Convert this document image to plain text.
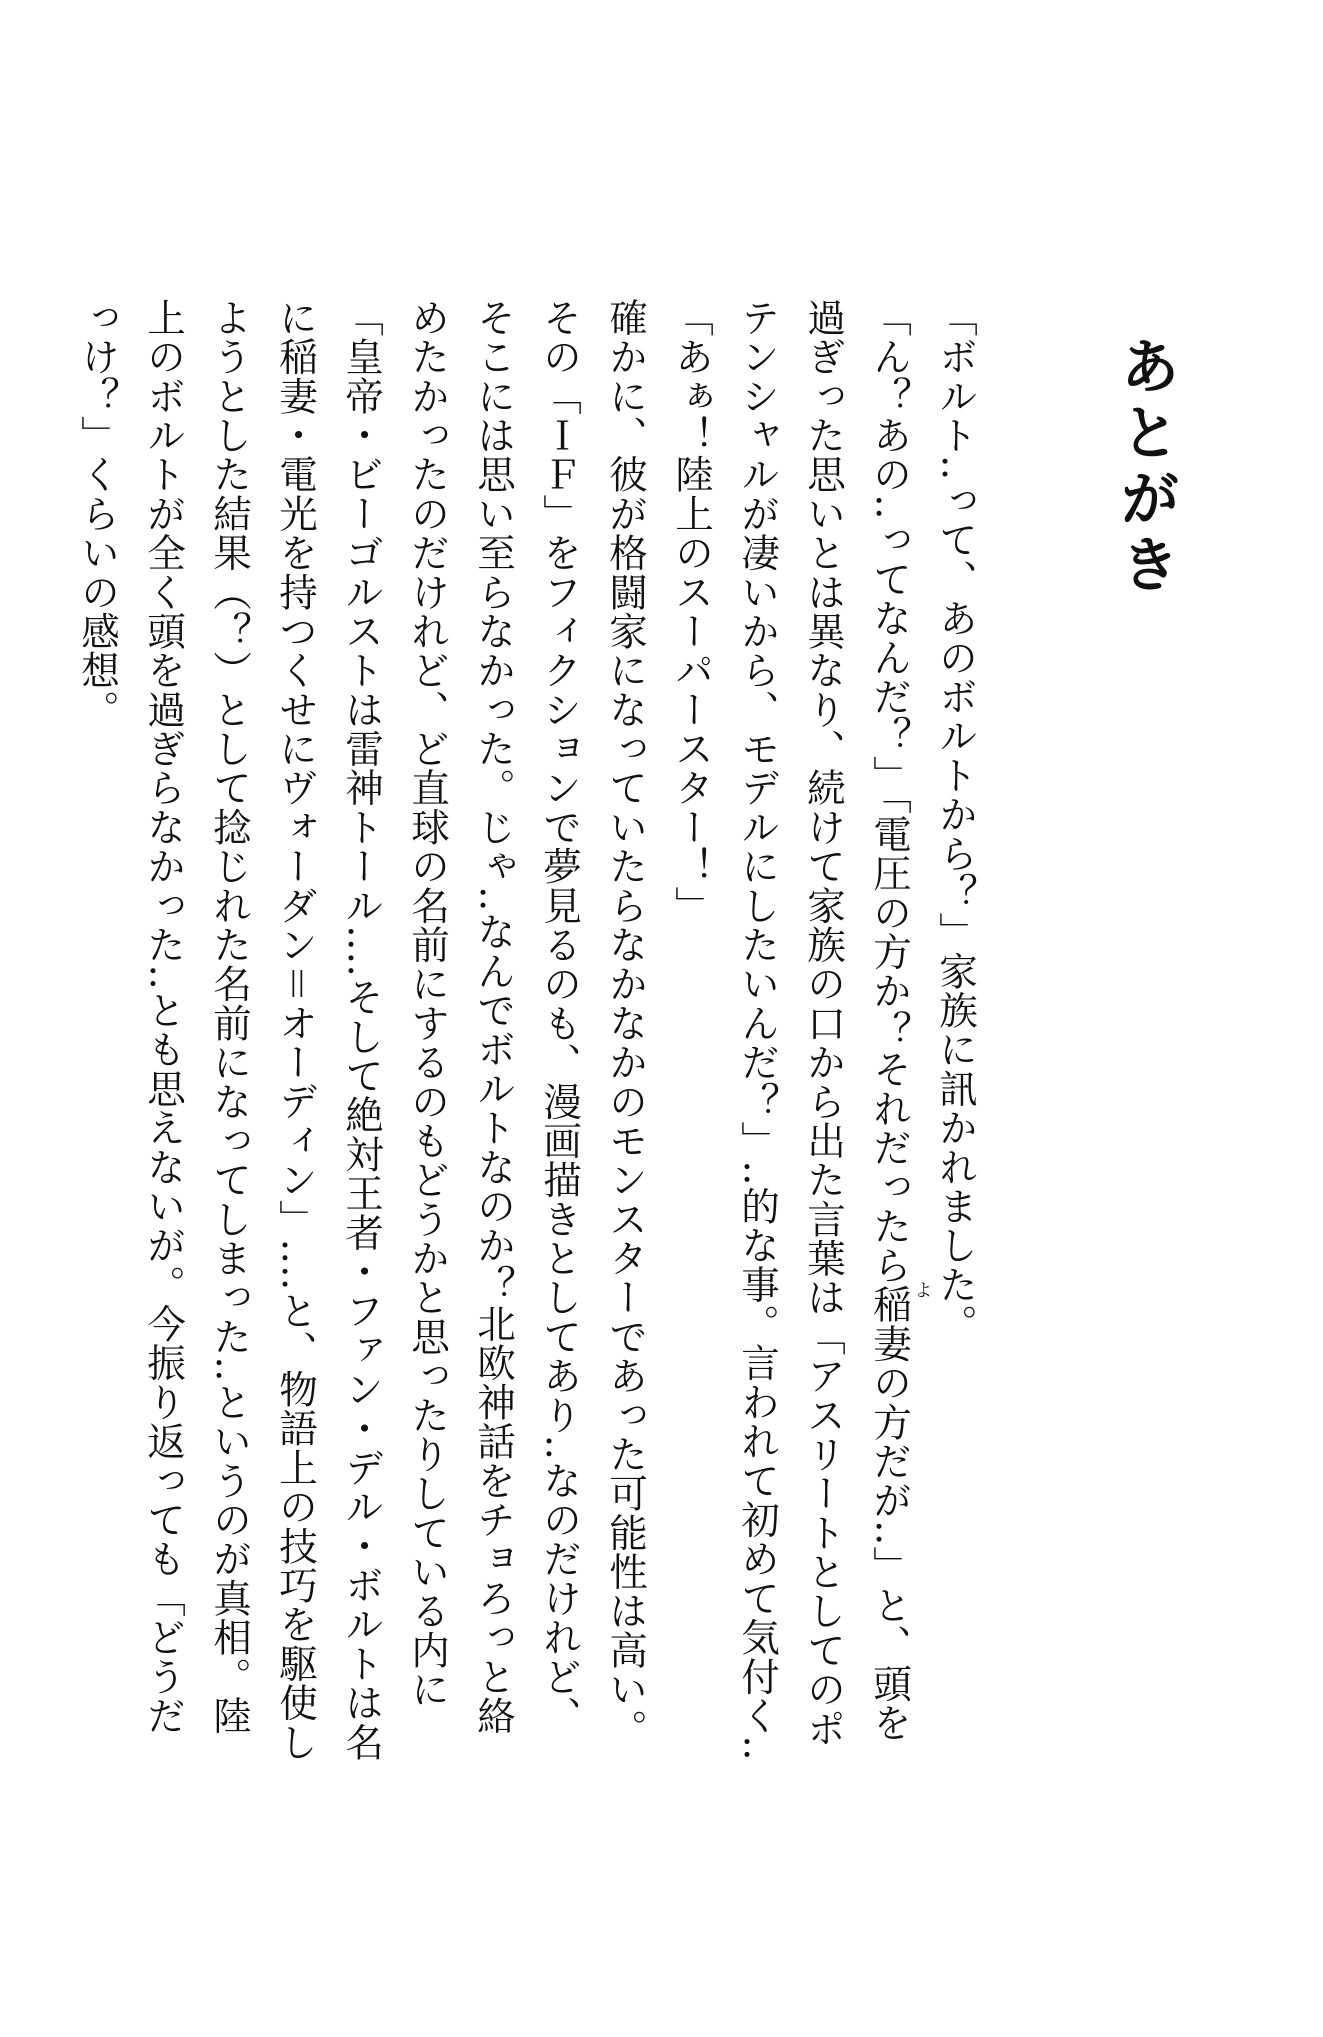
あとがき

「ボルト‥って、あのボルトから？」家族に訊かれました。

「ん？あの‥ってなんだ？」「電圧の方か？それだったら稲妻の方だが‥」と、頭を過ぎった思いとは異なり、続けて家族の口から出た言葉は「アスリートとしてのポテンシャルが凄いから、モデルにしたいんだ？」‥的な事。言われて初めて気付く‥「あぁ！陸上のスーパースター！」

確かに、彼が格闘家になっていたらなかなかのモンスターであった可能性は高い。その「ＩＦ」をフィクションで夢見るのも、漫画描きとしてあり‥なのだけれど、そこには思い至らなかった。じゃ‥なんでボルトなのか？北欧神話をチョろっと絡めたかったのだけれど、ど直球の名前にするのもどうかと思ったりしている内に「皇帝・ビーゴルストは雷神トール‥‥そして絶対王者・ファン・デル・ボルトは名に稲妻・電光を持つくせにヴォーダン＝オーディン」‥‥と、物語上の技巧を駆使しようとした結果（？）として捻じれた名前になってしまった‥というのが真相。陸上のボルトが全く頭を過ぎらなかった‥とも思えないが。今振り返っても「どうだっけ？」くらいの感想。

よ
